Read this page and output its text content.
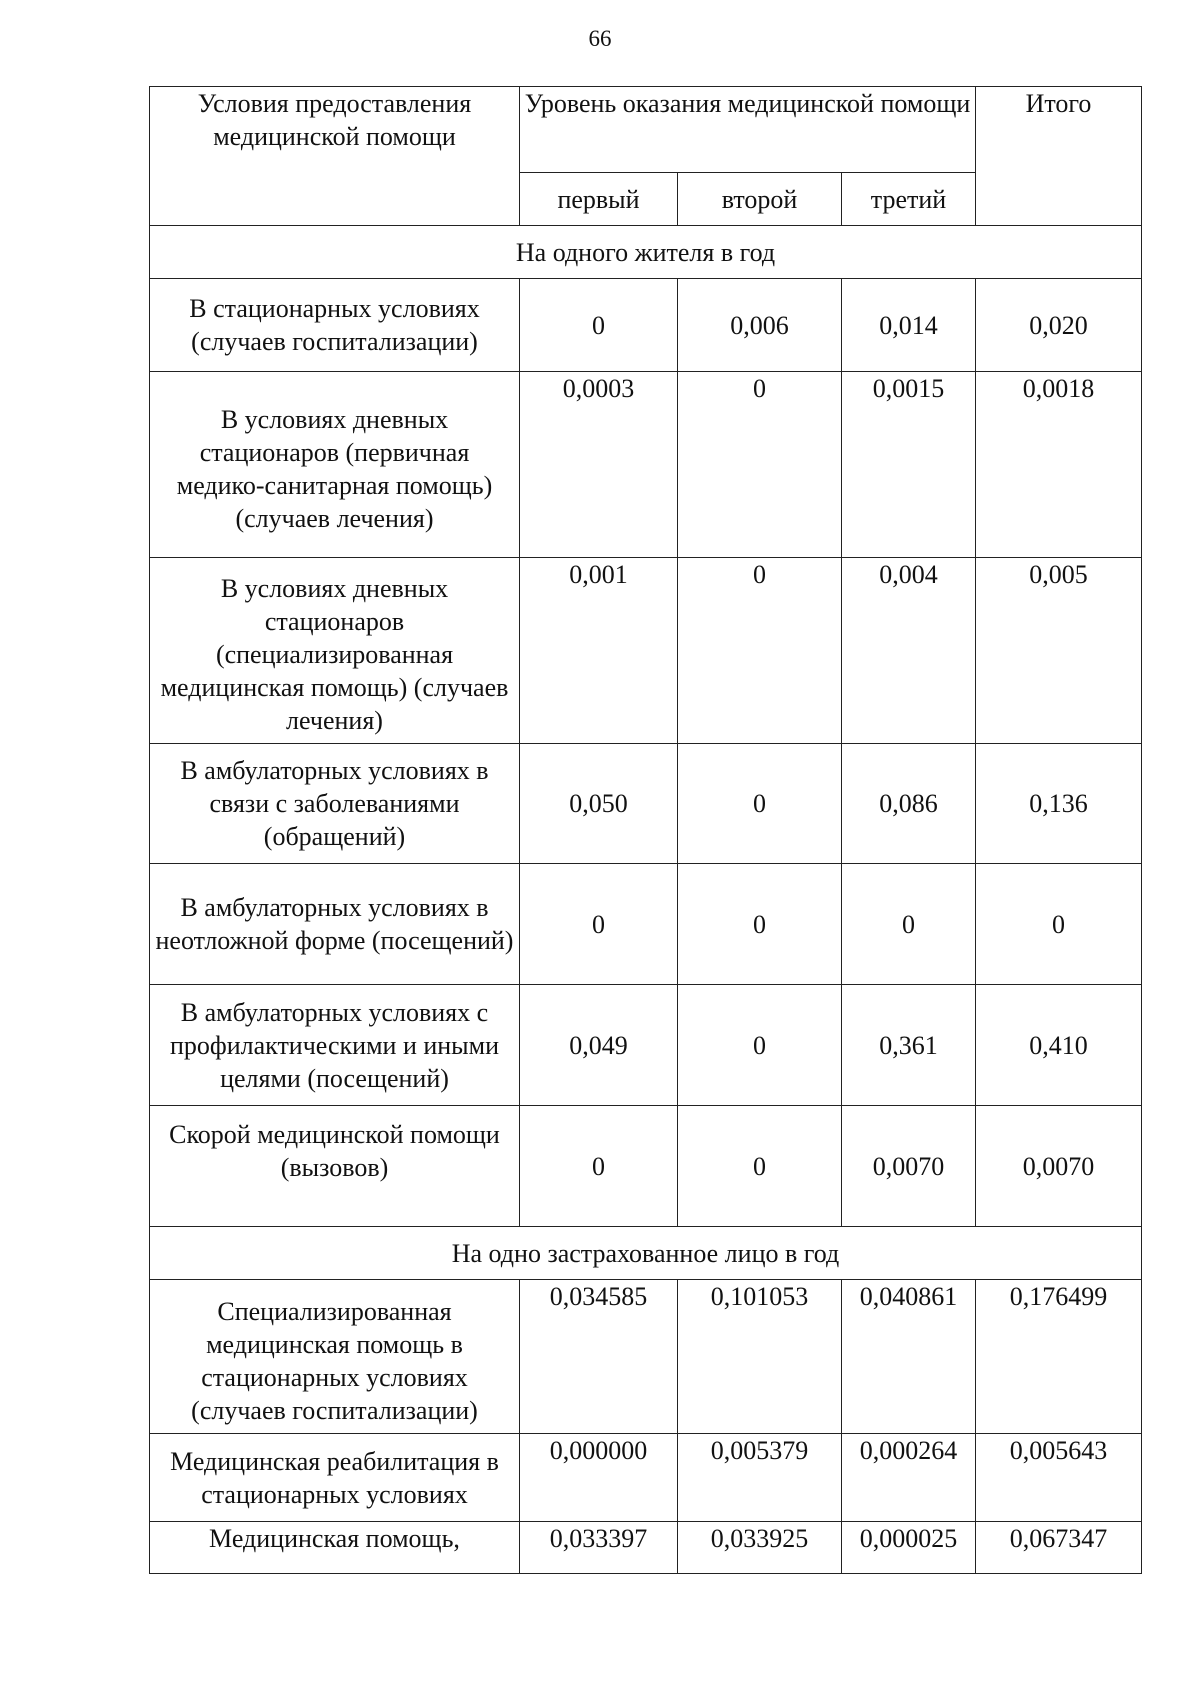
66
Условия предоставления медицинской помощи	Уровень оказания медицинской помощи			Итого
	первый	второй	третий	
На одного жителя в год				
В стационарных условиях (случаев госпитализации)	0	0,006	0,014	0,020
В условиях дневных стационаров (первичная медико-санитарная помощь) (случаев лечения)	0,0003	0	0,0015	0,0018
В условиях дневных стационаров (специализированная медицинская помощь) (случаев лечения)	0,001	0	0,004	0,005
В амбулаторных условиях в связи с заболеваниями (обращений)	0,050	0	0,086	0,136
В амбулаторных условиях в неотложной форме (посещений)	0	0	0	0
В амбулаторных условиях с профилактическими и иными целями (посещений)	0,049	0	0,361	0,410
Скорой медицинской помощи (вызовов)	0	0	0,0070	0,0070
На одно застрахованное лицо в год				
Специализированная медицинская помощь в стационарных условиях (случаев госпитализации)	0,034585	0,101053	0,040861	0,176499
Медицинская реабилитация в стационарных условиях	0,000000	0,005379	0,000264	0,005643
Медицинская помощь,	0,033397	0,033925	0,000025	0,067347
